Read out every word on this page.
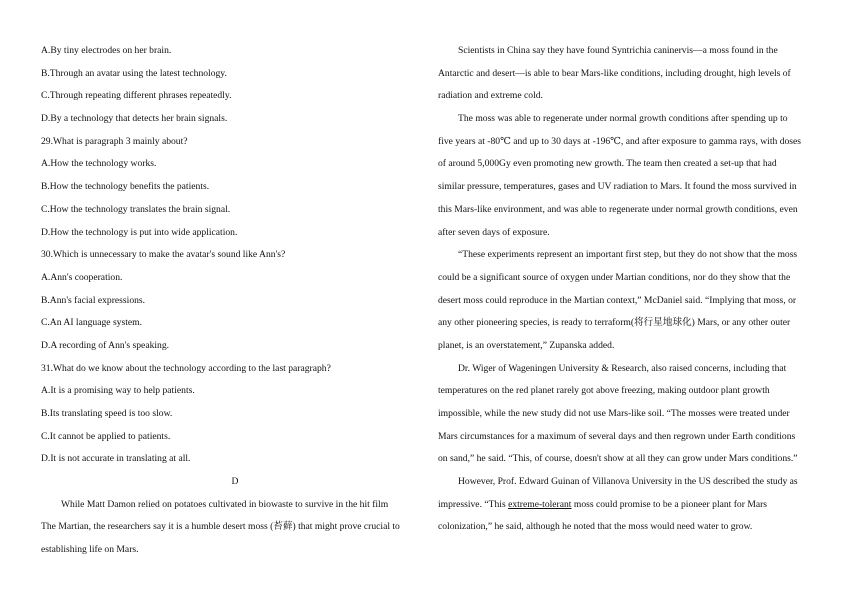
A.By tiny electrodes on her brain.
B.Through an avatar using the latest technology.
C.Through repeating different phrases repeatedly.
D.By a technology that detects her brain signals.
29.What is paragraph 3 mainly about?
A.How the technology works.
B.How the technology benefits the patients.
C.How the technology translates the brain signal.
D.How the technology is put into wide application.
30.Which is unnecessary to make the avatar's sound like Ann's?
A.Ann's cooperation.
B.Ann's facial expressions.
C.An AI language system.
D.A recording of Ann's speaking.
31.What do we know about the technology according to the last paragraph?
A.It is a promising way to help patients.
B.Its translating speed is too slow.
C.It cannot be applied to patients.
D.It is not accurate in translating at all.
D
While Matt Damon relied on potatoes cultivated in biowaste to survive in the hit film
The Martian, the researchers say it is a humble desert moss (苔藓) that might prove crucial to
establishing life on Mars.
Scientists in China say they have found Syntrichia caninervis—a moss found in the
Antarctic and desert—is able to bear Mars-like conditions, including drought, high levels of
radiation and extreme cold.
The moss was able to regenerate under normal growth conditions after spending up to
five years at -80℃ and up to 30 days at -196℃, and after exposure to gamma rays, with doses
of around 5,000Gy even promoting new growth. The team then created a set-up that had
similar pressure, temperatures, gases and UV radiation to Mars. It found the moss survived in
this Mars-like environment, and was able to regenerate under normal growth conditions, even
after seven days of exposure.
“These experiments represent an important first step, but they do not show that the moss
could be a significant source of oxygen under Martian conditions, nor do they show that the
desert moss could reproduce in the Martian context,” McDaniel said. “Implying that moss, or
any other pioneering species, is ready to terraform(将行星地球化) Mars, or any other outer
planet, is an overstatement,” Zupanska added.
Dr. Wiger of Wageningen University & Research, also raised concerns, including that
temperatures on the red planet rarely got above freezing, making outdoor plant growth
impossible, while the new study did not use Mars-like soil. “The mosses were treated under
Mars circumstances for a maximum of several days and then regrown under Earth conditions
on sand,” he said. “This, of course, doesn't show at all they can grow under Mars conditions.”
However, Prof. Edward Guinan of Villanova University in the US described the study as
impressive. “This extreme-tolerant moss could promise to be a pioneer plant for Mars
colonization,” he said, although he noted that the moss would need water to grow.
